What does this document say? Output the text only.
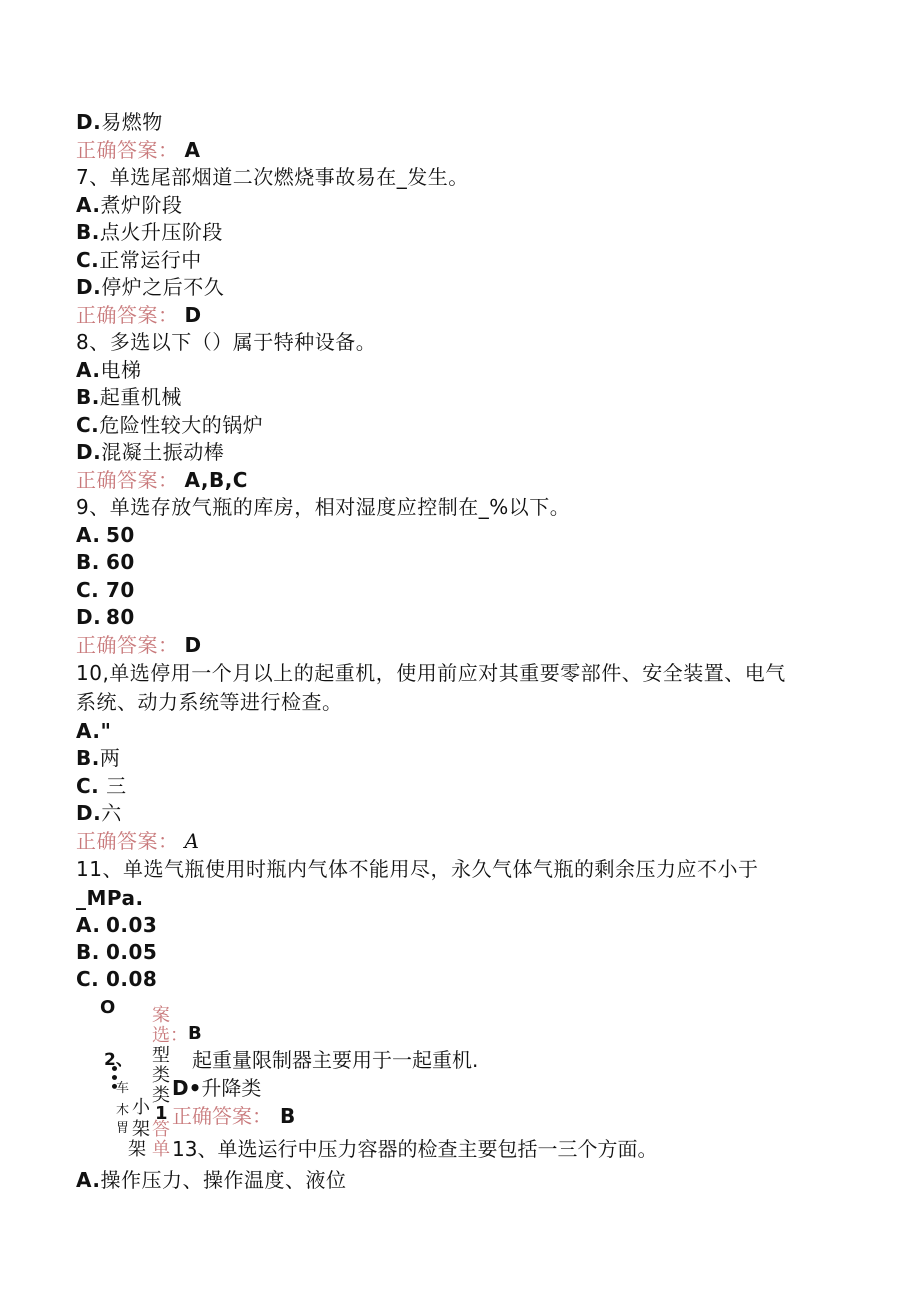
D.易燃物
正确答案： A
7、单选尾部烟道二次燃烧事故易在_发生。
A.煮炉阶段
B.点火升压阶段
C.正常运行中
D.停炉之后不久
正确答案： D
8、多选以下（）属于特种设备。
A.电梯
B.起重机械
C.危险性较大的锅炉
D.混凝土振动棒
正确答案： A,B,C
9、单选存放气瓶的库房，相对湿度应控制在_%以下。
A. 50
B. 60
C. 70
D. 80
正确答案： D
10,单选停用一个月以上的起重机，使用前应对其重要零部件、安全装置、电气
系统、动力系统等进行检查。
A."
B.两
C. 三
D.六
正确答案： A
11、单选气瓶使用时瓶内气体不能用尽，永久气体气瓶的剩余压力应不小于
_MPa.
A. 0.03
B. 0.05
C. 0.08
O 案
选： B
2、
•••
型 起重量限制器主要用于一起重机.
类
类 D•升降类
车
木
胃
小 1 正确答案： B
架 答
架 单 13、单选运行中压力容器的检查主要包括一三个方面。
A.操作压力、操作温度、液位
